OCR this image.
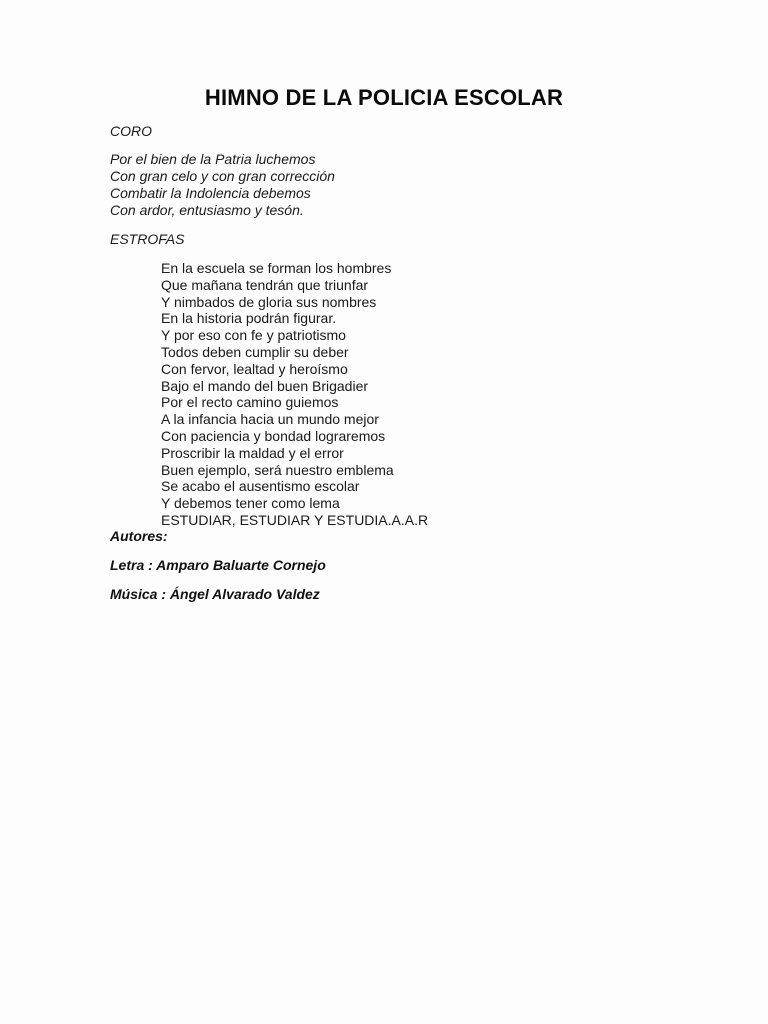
HIMNO DE LA POLICIA ESCOLAR
CORO
Por el bien de la Patria luchemos
Con gran celo y con gran corrección
Combatir la Indolencia debemos
Con ardor, entusiasmo y tesón.
ESTROFAS
En la escuela se forman los hombres
Que mañana tendrán que triunfar
Y nimbados de gloria sus nombres
En la historia podrán figurar.
Y por eso con fe y patriotismo
Todos deben cumplir su deber
Con fervor, lealtad y heroísmo
Bajo el mando del buen Brigadier
Por el recto camino guiemos
A la infancia hacia un mundo mejor
Con paciencia y bondad lograremos
Proscribir la maldad y el error
Buen ejemplo, será nuestro emblema
Se acabo el ausentismo escolar
Y debemos tener como lema
ESTUDIAR, ESTUDIAR Y ESTUDIA.A.A.R
Autores:
Letra : Amparo Baluarte Cornejo
Música : Ángel Alvarado Valdez
